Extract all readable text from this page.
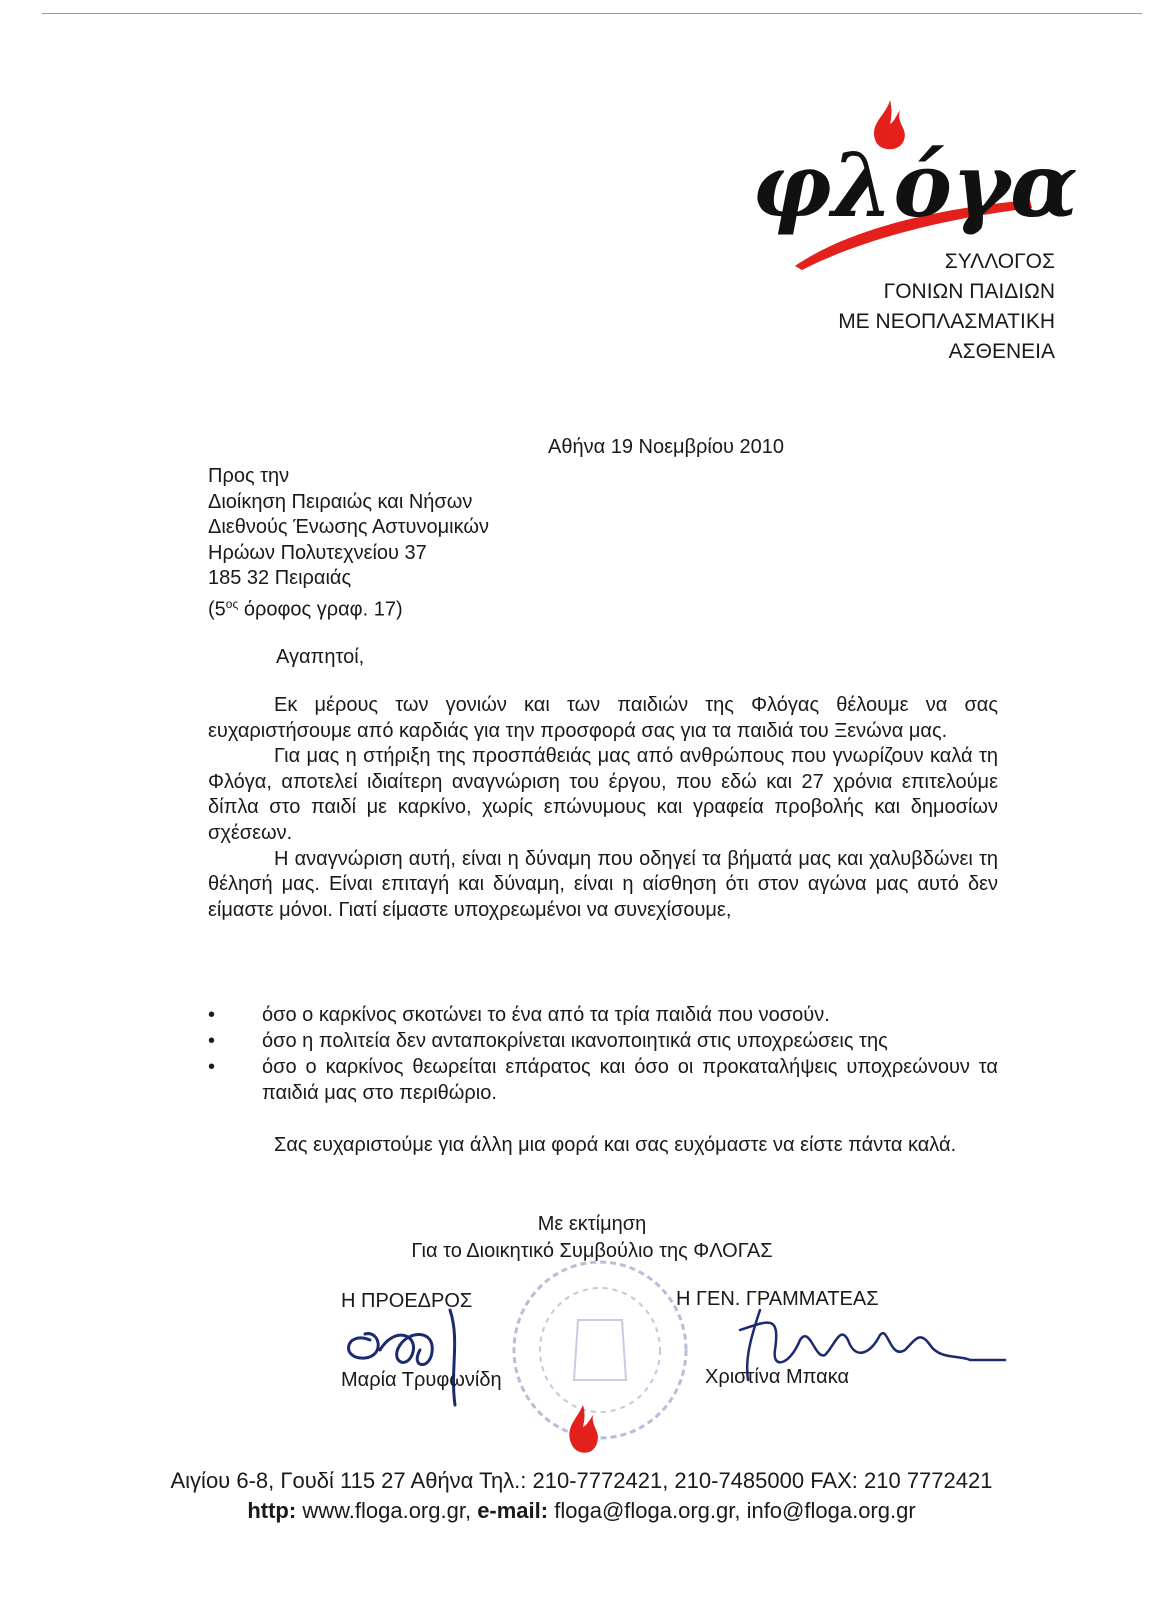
φλόγα
ΣΥΛΛΟΓΟΣ
ΓΟΝΙΩΝ ΠΑΙΔΙΩΝ
ΜΕ ΝΕΟΠΛΑΣΜΑΤΙΚΗ
ΑΣΘΕΝΕΙΑ
Αθήνα 19 Νοεμβρίου 2010
Προς την
Διοίκηση Πειραιώς και Νήσων
Διεθνούς Ένωσης Αστυνομικών
Ηρώων Πολυτεχνείου 37
185 32 Πειραιάς
($5^{o\varsigma}$ όροφος γραφ. 17)
Αγαπητοί,

Εκ μέρους των γονιών και των παιδιών της Φλόγας θέλουμε να σας ευχαριστήσουμε από καρδιάς για την προσφορά σας για τα παιδιά του Ξενώνα μας.

Για μας η στήριξη της προσπάθειάς μας από ανθρώπους που γνωρίζουν καλά τη Φλόγα, αποτελεί ιδιαίτερη αναγνώριση του έργου, που εδώ και 27 χρόνια επιτελούμε δίπλα στο παιδί με καρκίνο, χωρίς επώνυμους και γραφεία προβολής και δημοσίων σχέσεων.

Η αναγνώριση αυτή, είναι η δύναμη που οδηγεί τα βήματά μας και χαλυβδώνει τη θέλησή μας. Είναι επιταγή και δύναμη, είναι η αίσθηση ότι στον αγώνα μας αυτό δεν είμαστε μόνοι. Γιατί είμαστε υποχρεωμένοι να συνεχίσουμε,

• όσο ο καρκίνος σκοτώνει το ένα από τα τρία παιδιά που νοσούν.
• όσο η πολιτεία δεν ανταποκρίνεται ικανοποιητικά στις υποχρεώσεις της
• όσο ο καρκίνος θεωρείται επάρατος και όσο οι προκαταλήψεις υποχρεώνουν τα παιδιά μας στο περιθώριο.

Σας ευχαριστούμε για άλλη μια φορά και σας ευχόμαστε να είστε πάντα καλά.

Με εκτίμηση
Για το Διοικητικό Συμβούλιο της ΦΛΟΓΑΣ
Η ΠΡΟΕΔΡΟΣ	Η ΓΕΝ. ΓΡΑΜΜΑΤΕΑΣ
Μαρία Τρυφωνίδη	Χριστίνα Μπακα
Αιγίου 6-8, Γουδί 115 27 Αθήνα Τηλ.: 210-7772421, 210-7485000 FAX: 210 7772421
http: www.floga.org.gr, e-mail: floga@floga.org.gr, info@floga.org.gr
